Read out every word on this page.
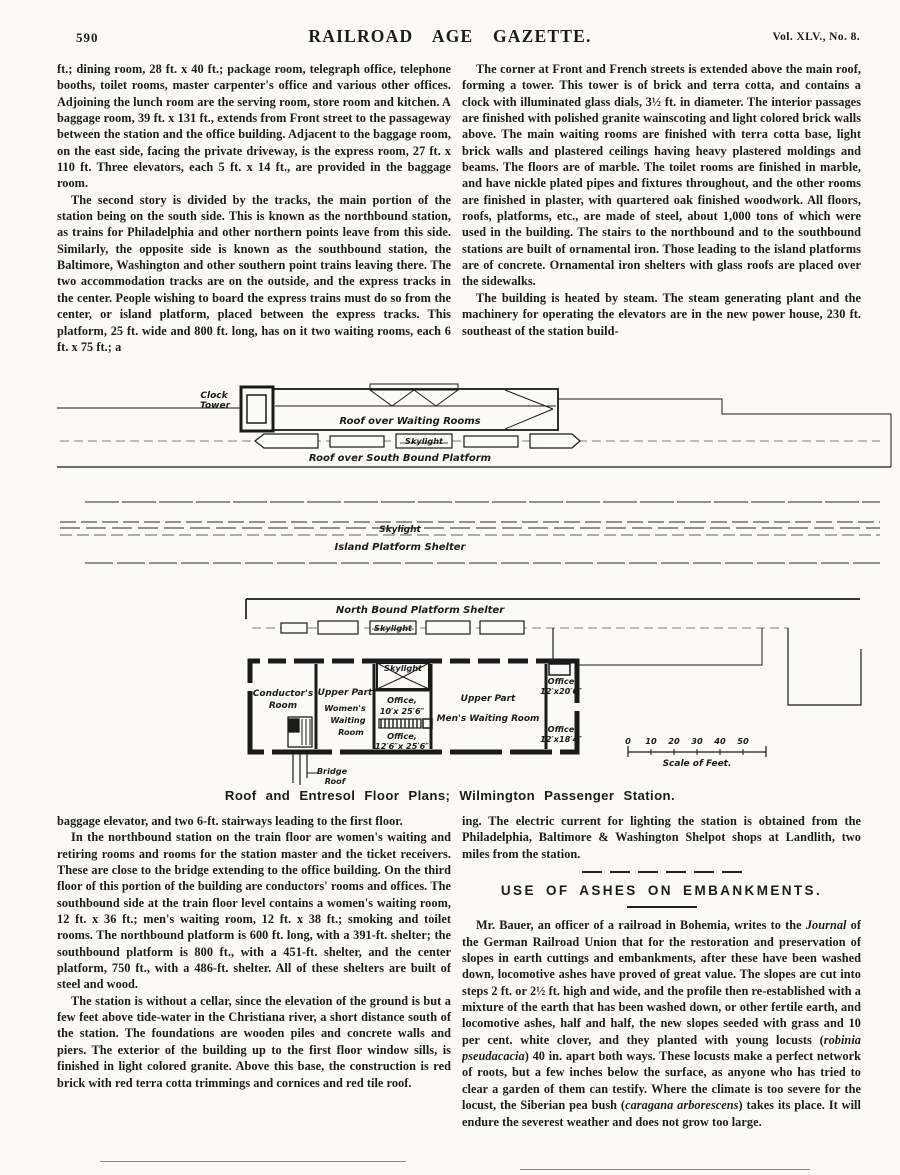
590	RAILROAD AGE GAZETTE.	Vol. XLV., No. 8.

ft.; dining room, 28 ft. x 40 ft.; package room, telegraph office, telephone booths, toilet rooms, master carpenter's office and various other offices. Adjoining the lunch room are the serving room, store room and kitchen. A baggage room, 39 ft. x 131 ft., extends from Front street to the passageway between the station and the office building. Adjacent to the baggage room, on the east side, facing the private driveway, is the express room, 27 ft. x 110 ft. Three elevators, each 5 ft. x 14 ft., are provided in the baggage room.

The second story is divided by the tracks, the main portion of the station being on the south side. This is known as the northbound station, as trains for Philadelphia and other northern points leave from this side. Similarly, the opposite side is known as the southbound station, the Baltimore, Washington and other southern point trains leaving there. The two accommodation tracks are on the outside, and the express tracks in the center. People wishing to board the express trains must do so from the center, or island platform, placed between the express tracks. This platform, 25 ft. wide and 800 ft. long, has on it two waiting rooms, each 6 ft. x 75 ft.; a

The corner at Front and French streets is extended above the main roof, forming a tower. This tower is of brick and terra cotta, and contains a clock with illuminated glass dials, 3½ ft. in diameter. The interior passages are finished with polished granite wainscoting and light colored brick walls above. The main waiting rooms are finished with terra cotta base, light brick walls and plastered ceilings having heavy plastered moldings and beams. The floors are of marble. The toilet rooms are finished in marble, and have nickle plated pipes and fixtures throughout, and the other rooms are finished in plaster, with quartered oak finished woodwork. All floors, roofs, platforms, etc., are made of steel, about 1,000 tons of which were used in the building. The stairs to the northbound and to the southbound stations are built of ornamental iron. Those leading to the island platforms are of concrete. Ornamental iron shelters with glass roofs are placed over the sidewalks.

The building is heated by steam. The steam generating plant and the machinery for operating the elevators are in the new power house, 230 ft. southeast of the station build-

Clock
Tower
Roof over Waiting Rooms
Skylight
Roof over South Bound Platform
Skylight
Island Platform Shelter
North Bound Platform Shelter
Skylight
Skylight
Conductor's
Room
Upper Part
Women's
Waiting
Room
Office,
10′x 25′6″
Office,
12′6″x 25′6″
Upper Part
Men's Waiting Room
Office
12′x20′6″
Office
12′x18′4″
Bridge
Roof
0 10 20 30 40 50
Scale of Feet.
Roof and Entresol Floor Plans; Wilmington Passenger Station.

baggage elevator, and two 6-ft. stairways leading to the first floor.

In the northbound station on the train floor are women's waiting and retiring rooms and rooms for the station master and the ticket receivers. These are close to the bridge extending to the office building. On the third floor of this portion of the building are conductors' rooms and offices. The southbound side at the train floor level contains a women's waiting room, 12 ft. x 36 ft.; men's waiting room, 12 ft. x 38 ft.; smoking and toilet rooms. The northbound platform is 600 ft. long, with a 391-ft. shelter; the southbound platform is 800 ft., with a 451-ft. shelter, and the center platform, 750 ft., with a 486-ft. shelter. All of these shelters are built of steel and wood.

The station is without a cellar, since the elevation of the ground is but a few feet above tide-water in the Christiana river, a short distance south of the station. The foundations are wooden piles and concrete walls and piers. The exterior of the building up to the first floor window sills, is finished in light colored granite. Above this base, the construction is red brick with red terra cotta trimmings and cornices and red tile roof.

ing. The electric current for lighting the station is obtained from the Philadelphia, Baltimore & Washington Shelpot shops at Landlith, two miles from the station.

USE OF ASHES ON EMBANKMENTS.

Mr. Bauer, an officer of a railroad in Bohemia, writes to the Journal of the German Railroad Union that for the restoration and preservation of slopes in earth cuttings and embankments, after these have been washed down, locomotive ashes have proved of great value. The slopes are cut into steps 2 ft. or 2½ ft. high and wide, and the profile then re-established with a mixture of the earth that has been washed down, or other fertile earth, and locomotive ashes, half and half, the new slopes seeded with grass and 10 per cent. white clover, and they planted with young locusts (robinia pseudacacia) 40 in. apart both ways. These locusts make a perfect network of roots, but a few inches below the surface, as anyone who has tried to clear a garden of them can testify. Where the climate is too severe for the locust, the Siberian pea bush (caragana arborescens) takes its place. It will endure the severest weather and does not grow too large.
